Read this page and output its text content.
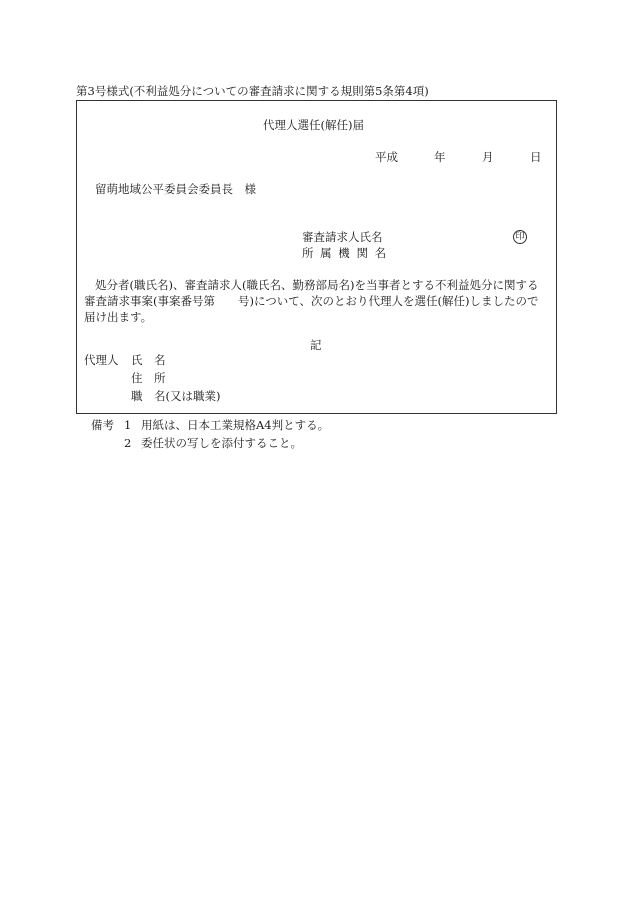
第3号様式(不利益処分についての審査請求に関する規則第5条第4項)
代理人選任(解任)届
平成	年	月	日
留萌地域公平委員会委員長　様
審査請求人氏名
所 属 機 関 名
印
処分者(職氏名)、審査請求人(職氏名、勤務部局名)を当事者とする不利益処分に関する
審査請求事案(事案番号第　　号)について、次のとおり代理人を選任(解任)しましたので
届け出ます。
記
代理人 氏　名
住　所
職　名(又は職業)
備考 1 用紙は、日本工業規格A4判とする。
2 委任状の写しを添付すること。
